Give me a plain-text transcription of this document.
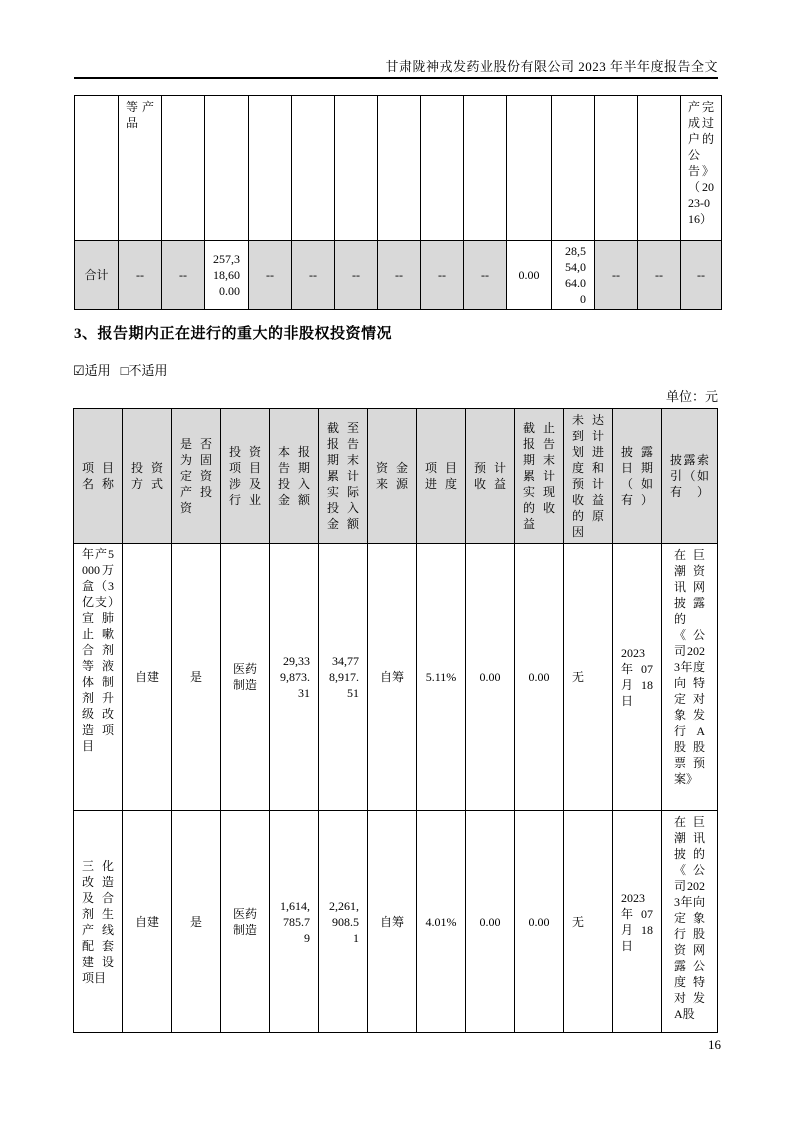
甘肃陇神戎发药业股份有限公司 2023 年半年度报告全文
	等产品													产完成过户的公告》（2023-016）
合计	--	--	257,318,600.00	--	--	--	--	--	--	0.00	28,554,064.00	--	--	--
3、报告期内正在进行的重大的非股权投资情况
☑适用 □不适用
单位：元
项目名称	投资方式	是否为固定资产投资	投资项目涉及行业	本报告期投入金额	截至报告期末累计实际投入金额	资金来源	项目进度	预计收益	截止报告期末累计实现的收益	未达到计划进度和预计收益的原因	披露日期（如有）	披露索引（如有）
年产5000万盒（3亿支）宣肺止嗽合剂等液体制剂升级改造项目	自建	是	医药制造	29,339,873.31	34,778,917.51	自筹	5.11%	0.00	0.00	无	2023 年 07 月 18 日	在巨潮资讯网披露的《公司2023年度向特定对象发行A股股票预案》
三化改造及合剂生产线配套建设项目	自建	是	医药制造	1,614,785.79	2,261,908.51	自筹	4.01%	0.00	0.00	无	2023 年 07 月 18 日	在巨潮讯披的《公司2023年向定象行股资网露公度特对发A股
16
